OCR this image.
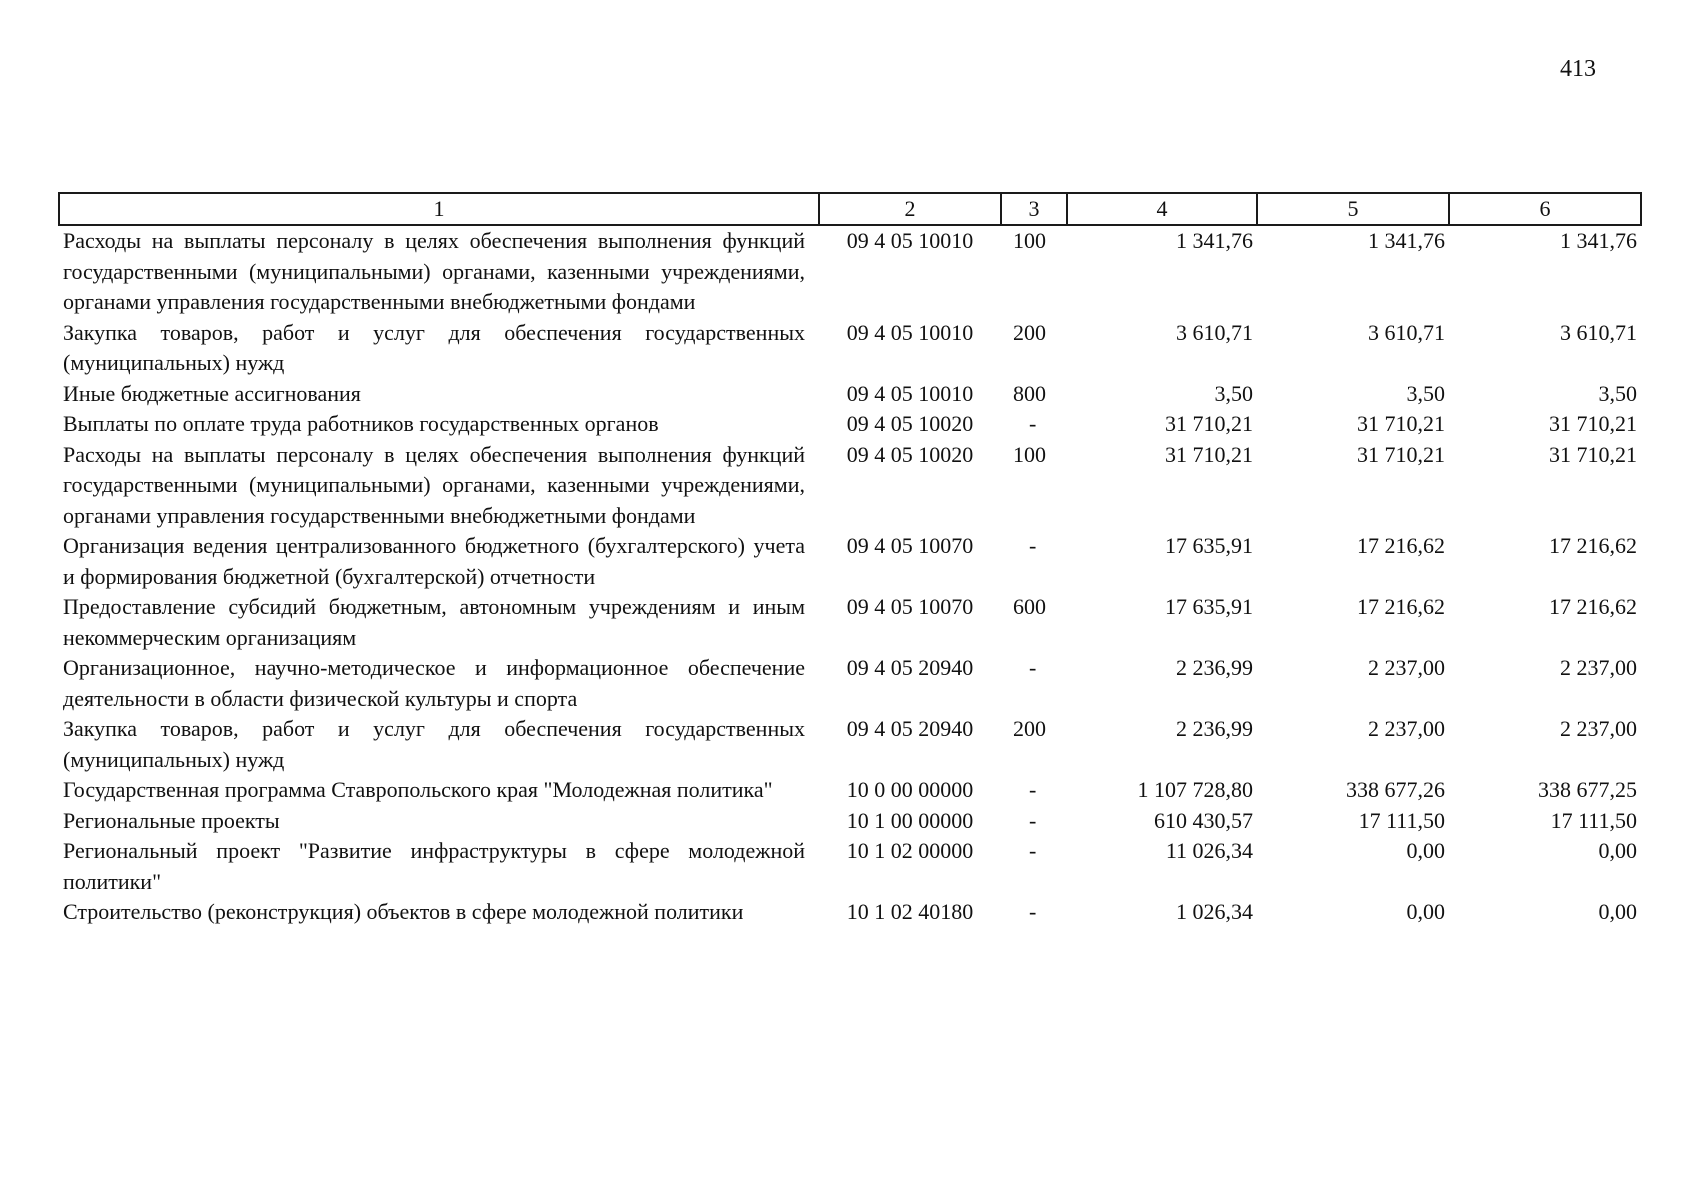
413
1	2	3	4	5	6
Расходы на выплаты персоналу в целях обеспечения выполнения функций государственными (муниципальными) органами, казенными учреждениями, органами управления государственными внебюджетными фондами	09 4 05 10010	100	1 341,76	1 341,76	1 341,76
Закупка товаров, работ и услуг для обеспечения государственных (муниципальных) нужд	09 4 05 10010	200	3 610,71	3 610,71	3 610,71
Иные бюджетные ассигнования	09 4 05 10010	800	3,50	3,50	3,50
Выплаты по оплате труда работников государственных органов	09 4 05 10020	-	31 710,21	31 710,21	31 710,21
Расходы на выплаты персоналу в целях обеспечения выполнения функций государственными (муниципальными) органами, казенными учреждениями, органами управления государственными внебюджетными фондами	09 4 05 10020	100	31 710,21	31 710,21	31 710,21
Организация ведения централизованного бюджетного (бухгалтерского) учета и формирования бюджетной (бухгалтерской) отчетности	09 4 05 10070	-	17 635,91	17 216,62	17 216,62
Предоставление субсидий бюджетным, автономным учреждениям и иным некоммерческим организациям	09 4 05 10070	600	17 635,91	17 216,62	17 216,62
Организационное, научно-методическое и информационное обеспечение деятельности в области физической культуры и спорта	09 4 05 20940	-	2 236,99	2 237,00	2 237,00
Закупка товаров, работ и услуг для обеспечения государственных (муниципальных) нужд	09 4 05 20940	200	2 236,99	2 237,00	2 237,00
Государственная программа Ставропольского края "Молодежная политика"	10 0 00 00000	-	1 107 728,80	338 677,26	338 677,25
Региональные проекты	10 1 00 00000	-	610 430,57	17 111,50	17 111,50
Региональный проект "Развитие инфраструктуры в сфере молодежной политики"	10 1 02 00000	-	11 026,34	0,00	0,00
Строительство (реконструкция) объектов в сфере молодежной политики	10 1 02 40180	-	1 026,34	0,00	0,00
